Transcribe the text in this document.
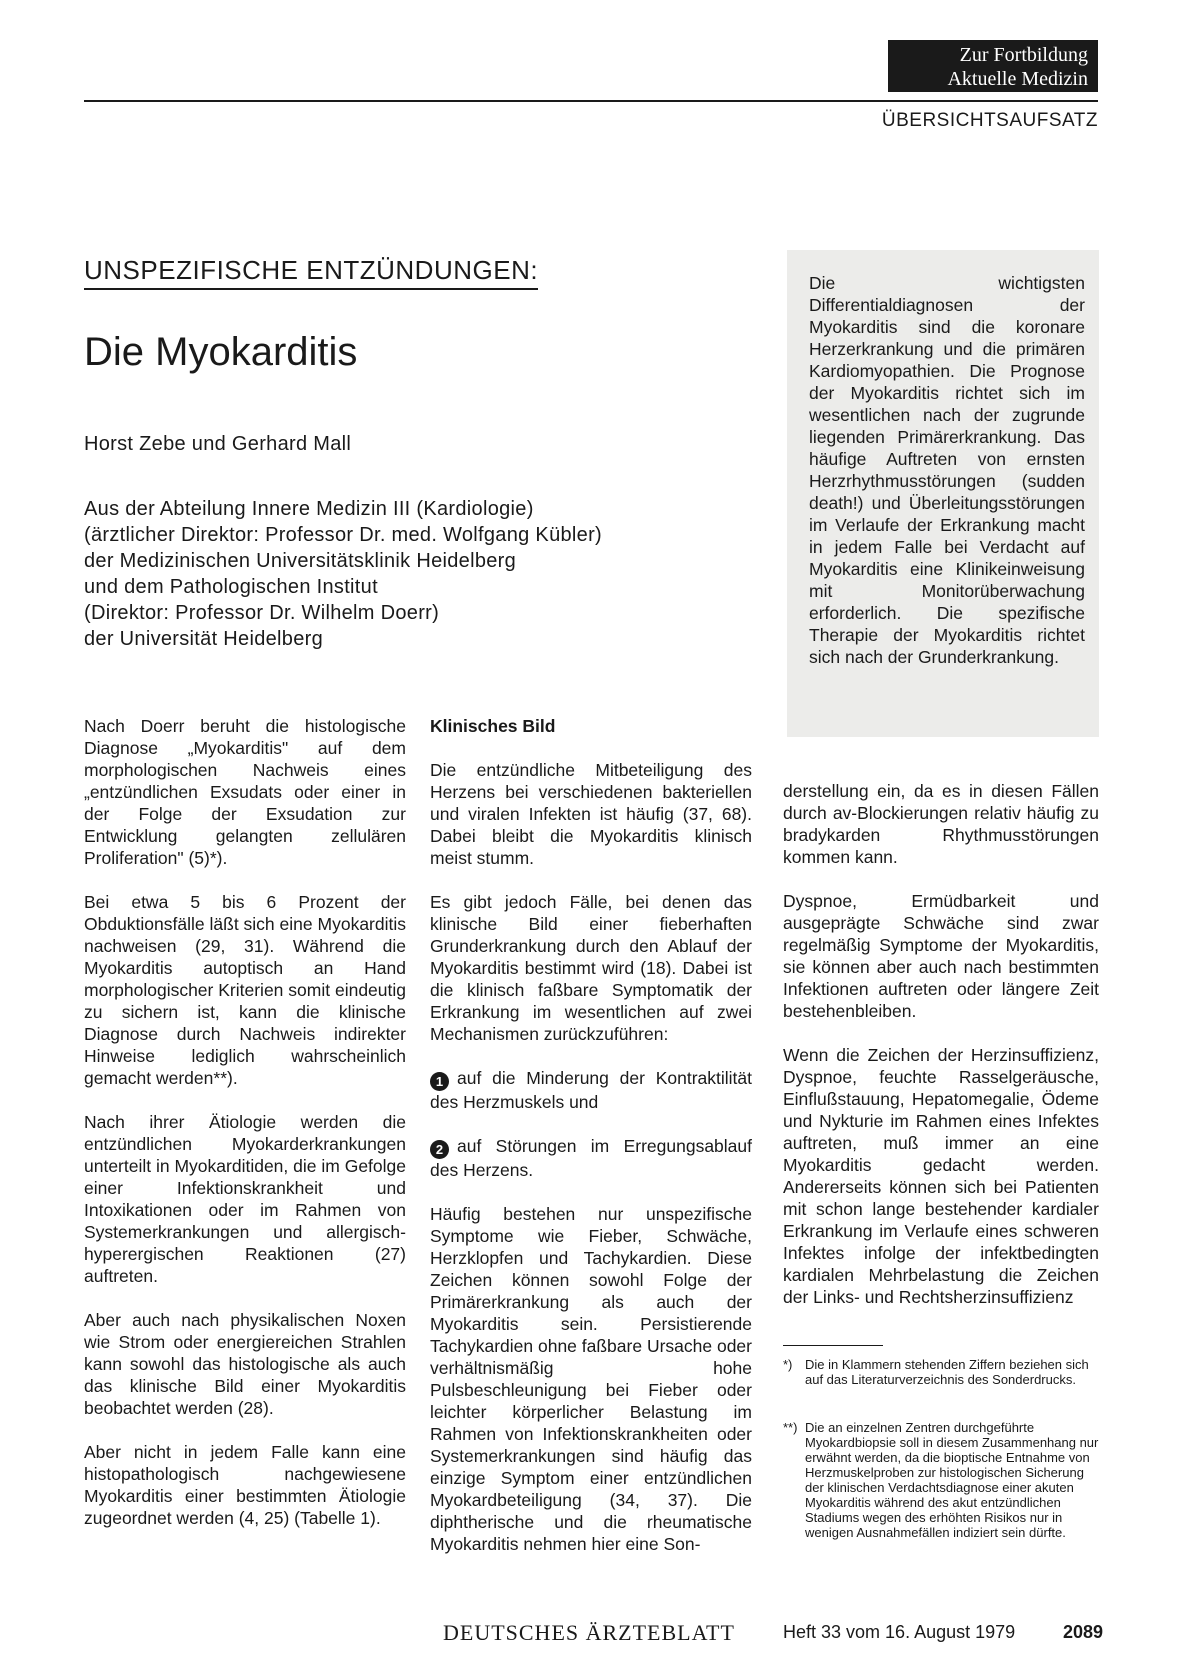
Zur Fortbildung
Aktuelle Medizin
ÜBERSICHTSAUFSATZ
UNSPEZIFISCHE ENTZÜNDUNGEN:
Die Myokarditis
Horst Zebe und Gerhard Mall
Aus der Abteilung Innere Medizin III (Kardiologie)
(ärztlicher Direktor: Professor Dr. med. Wolfgang Kübler)
der Medizinischen Universitätsklinik Heidelberg
und dem Pathologischen Institut
(Direktor: Professor Dr. Wilhelm Doerr)
der Universität Heidelberg
Die wichtigsten Differentialdiagnosen der Myokarditis sind die koronare Herzerkrankung und die primären Kardiomyopathien. Die Prognose der Myokarditis richtet sich im wesentlichen nach der zugrunde liegenden Primärerkrankung. Das häufige Auftreten von ernsten Herzrhythmusstörungen (sudden death!) und Überleitungsstörungen im Verlaufe der Erkrankung macht in jedem Falle bei Verdacht auf Myokarditis eine Klinikeinweisung mit Monitorüberwachung erforderlich. Die spezifische Therapie der Myokarditis richtet sich nach der Grunderkrankung.

Nach Doerr beruht die histologische Diagnose „Myokarditis" auf dem morphologischen Nachweis eines „entzündlichen Exsudats oder einer in der Folge der Exsudation zur Entwicklung gelangten zellulären Proliferation" (5)*).

Bei etwa 5 bis 6 Prozent der Obduktionsfälle läßt sich eine Myokarditis nachweisen (29, 31). Während die Myokarditis autoptisch an Hand morphologischer Kriterien somit eindeutig zu sichern ist, kann die klinische Diagnose durch Nachweis indirekter Hinweise lediglich wahrscheinlich gemacht werden**).

Nach ihrer Ätiologie werden die entzündlichen Myokarderkrankungen unterteilt in Myokarditiden, die im Gefolge einer Infektionskrankheit und Intoxikationen oder im Rahmen von Systemerkrankungen und allergisch-hyperergischen Reaktionen (27) auftreten.

Aber auch nach physikalischen Noxen wie Strom oder energiereichen Strahlen kann sowohl das histologische als auch das klinische Bild einer Myokarditis beobachtet werden (28).

Aber nicht in jedem Falle kann eine histopathologisch nachgewiesene Myokarditis einer bestimmten Ätiologie zugeordnet werden (4, 25) (Tabelle 1).

Klinisches Bild

Die entzündliche Mitbeteiligung des Herzens bei verschiedenen bakteriellen und viralen Infekten ist häufig (37, 68). Dabei bleibt die Myokarditis klinisch meist stumm.

Es gibt jedoch Fälle, bei denen das klinische Bild einer fieberhaften Grunderkrankung durch den Ablauf der Myokarditis bestimmt wird (18). Dabei ist die klinisch faßbare Symptomatik der Erkrankung im wesentlichen auf zwei Mechanismen zurückzuführen:

1 auf die Minderung der Kontraktilität des Herzmuskels und

2 auf Störungen im Erregungsablauf des Herzens.

Häufig bestehen nur unspezifische Symptome wie Fieber, Schwäche, Herzklopfen und Tachykardien. Diese Zeichen können sowohl Folge der Primärerkrankung als auch der Myokarditis sein. Persistierende Tachykardien ohne faßbare Ursache oder verhältnismäßig hohe Pulsbeschleunigung bei Fieber oder leichter körperlicher Belastung im Rahmen von Infektionskrankheiten oder Systemerkrankungen sind häufig das einzige Symptom einer entzündlichen Myokardbeteiligung (34, 37). Die diphtherische und die rheumatische Myokarditis nehmen hier eine Son-

derstellung ein, da es in diesen Fällen durch av-Blockierungen relativ häufig zu bradykarden Rhythmusstörungen kommen kann.

Dyspnoe, Ermüdbarkeit und ausgeprägte Schwäche sind zwar regelmäßig Symptome der Myokarditis, sie können aber auch nach bestimmten Infektionen auftreten oder längere Zeit bestehenbleiben.

Wenn die Zeichen der Herzinsuffizienz, Dyspnoe, feuchte Rasselgeräusche, Einflußstauung, Hepatomegalie, Ödeme und Nykturie im Rahmen eines Infektes auftreten, muß immer an eine Myokarditis gedacht werden. Andererseits können sich bei Patienten mit schon lange bestehender kardialer Erkrankung im Verlaufe eines schweren Infektes infolge der infektbedingten kardialen Mehrbelastung die Zeichen der Links- und Rechtsherzinsuffizienz

*) Die in Klammern stehenden Ziffern beziehen sich auf das Literaturverzeichnis des Sonderdrucks.
**) Die an einzelnen Zentren durchgeführte Myokardbiopsie soll in diesem Zusammenhang nur erwähnt werden, da die bioptische Entnahme von Herzmuskelproben zur histologischen Sicherung der klinischen Verdachtsdiagnose einer akuten Myokarditis während des akut entzündlichen Stadiums wegen des erhöhten Risikos nur in wenigen Ausnahmefällen indiziert sein dürfte.
DEUTSCHES ÄRZTEBLATT	Heft 33 vom 16. August 1979	2089
